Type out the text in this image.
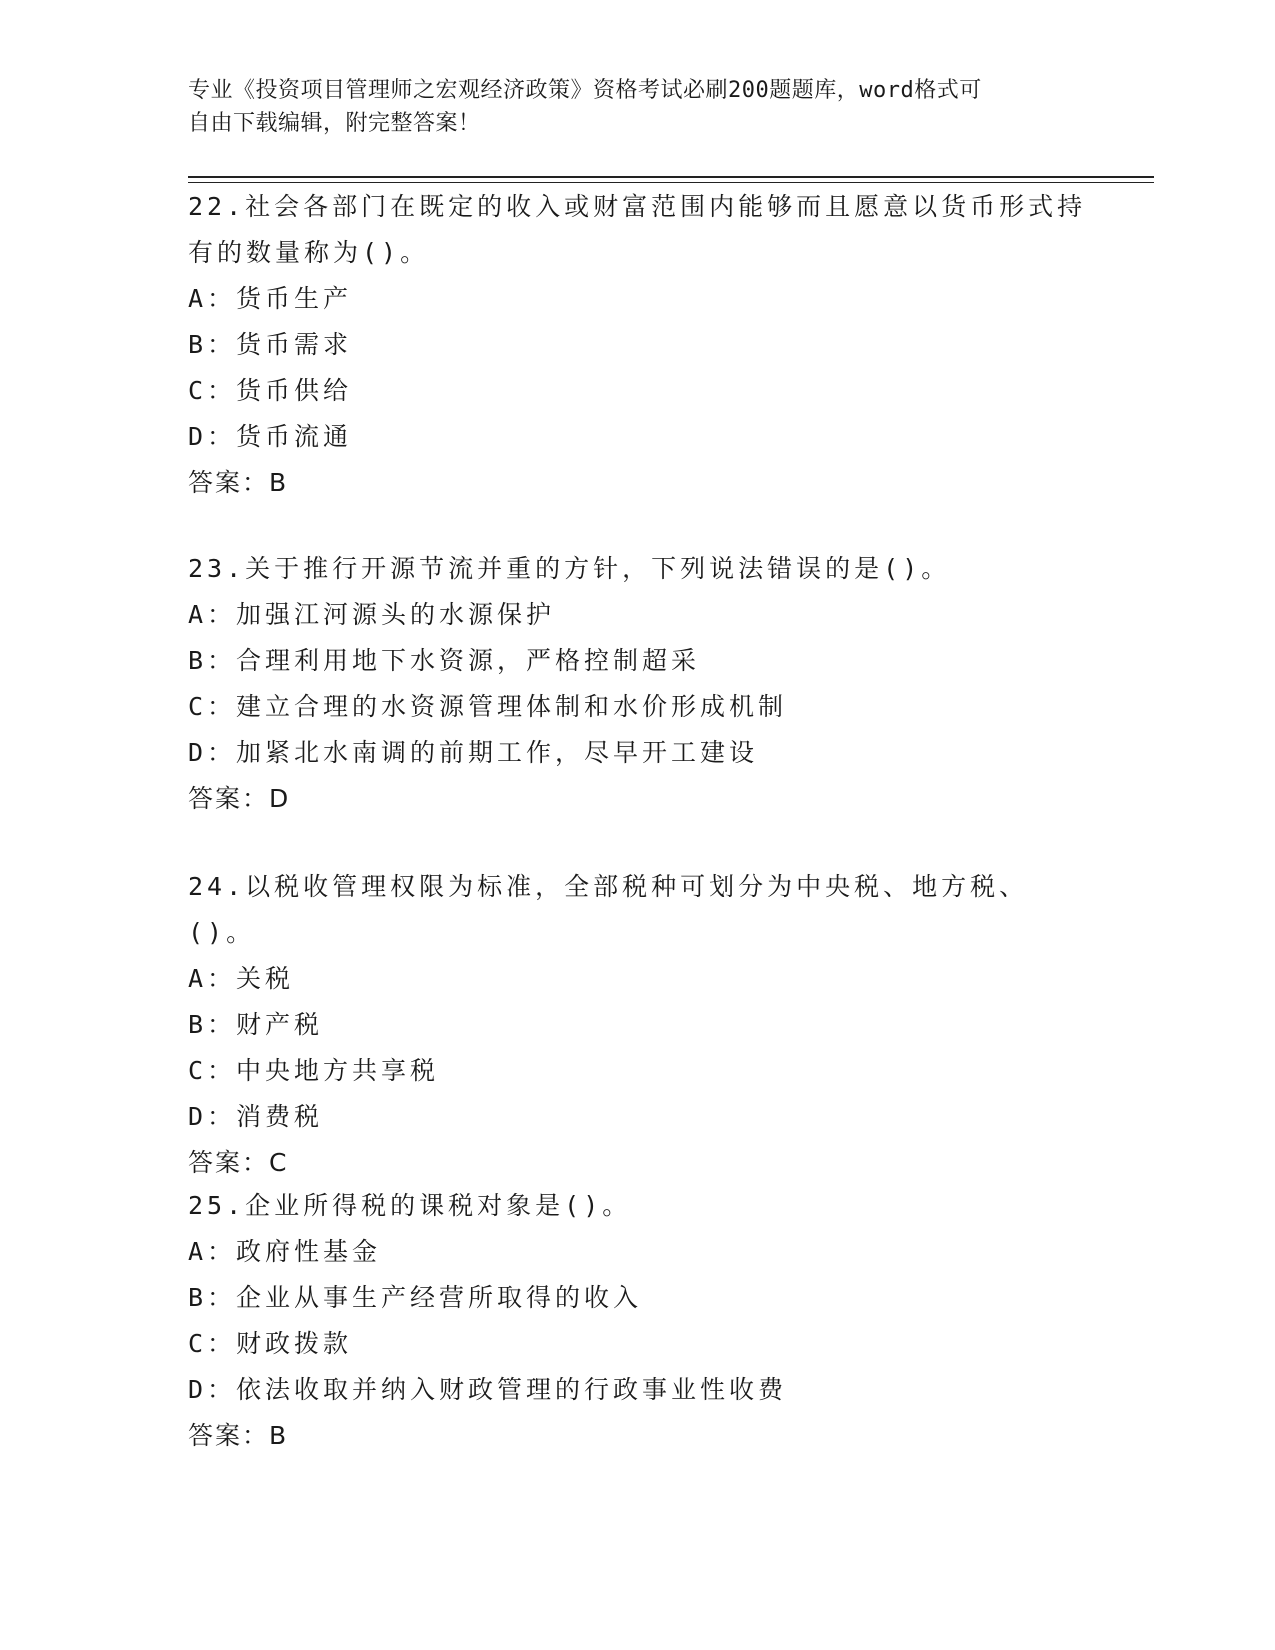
专业《投资项目管理师之宏观经济政策》资格考试必刷200题题库，word格式可
自由下载编辑，附完整答案！

22.社会各部门在既定的收入或财富范围内能够而且愿意以货币形式持有的数量称为()。

A：货币生产

B：货币需求

C：货币供给

D：货币流通

答案：B

23.关于推行开源节流并重的方针，下列说法错误的是()。

A：加强江河源头的水源保护

B：合理利用地下水资源，严格控制超采

C：建立合理的水资源管理体制和水价形成机制

D：加紧北水南调的前期工作，尽早开工建设

答案：D

24.以税收管理权限为标准，全部税种可划分为中央税、地方税、()。

A：关税

B：财产税

C：中央地方共享税

D：消费税

答案：C

25.企业所得税的课税对象是()。

A：政府性基金

B：企业从事生产经营所取得的收入

C：财政拨款

D：依法收取并纳入财政管理的行政事业性收费

答案：B
